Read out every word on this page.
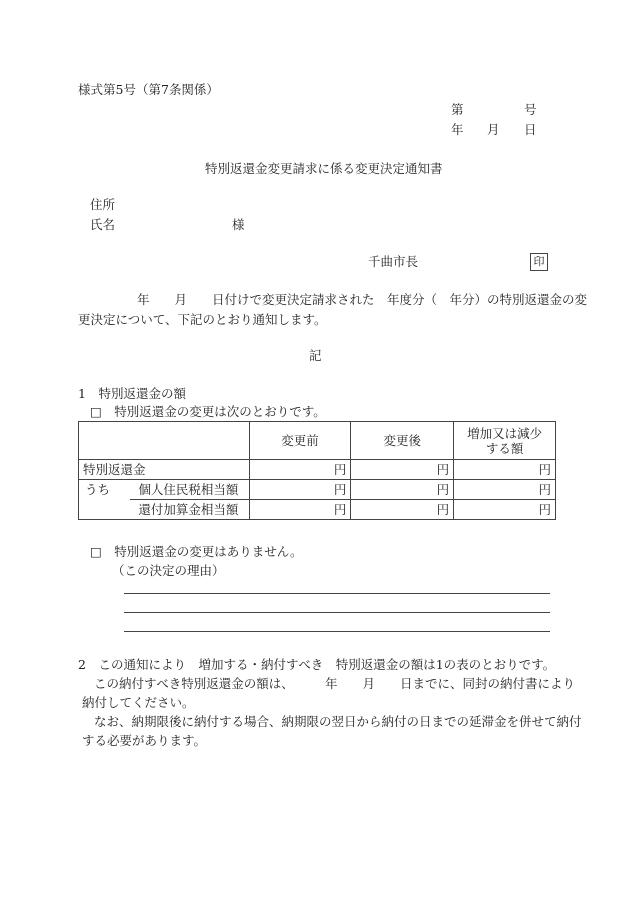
様式第5号（第7条関係）
第	号
年 月 日
特別返還金変更請求に係る変更決定通知書
住所
氏名	様
千曲市長	印
年　　月　　日付けで変更決定請求された　年度分（　年分）の特別返還金の変
更決定について、下記のとおり通知します。
記
1　特別返還金の額
□　特別返還金の変更は次のとおりです。
		変更前	変更後	増加又は減少
する額
特別返還金		円	円	円
うち	個人住民税相当額	円	円	円
	還付加算金相当額	円	円	円
□　特別返還金の変更はありません。
（この決定の理由）
2　この通知により　増加する・納付すべき　特別返還金の額は1の表のとおりです。
この納付すべき特別返還金の額は、　　　年　　月　　日までに、同封の納付書により
納付してください。
なお、納期限後に納付する場合、納期限の翌日から納付の日までの延滞金を併せて納付
する必要があります。
